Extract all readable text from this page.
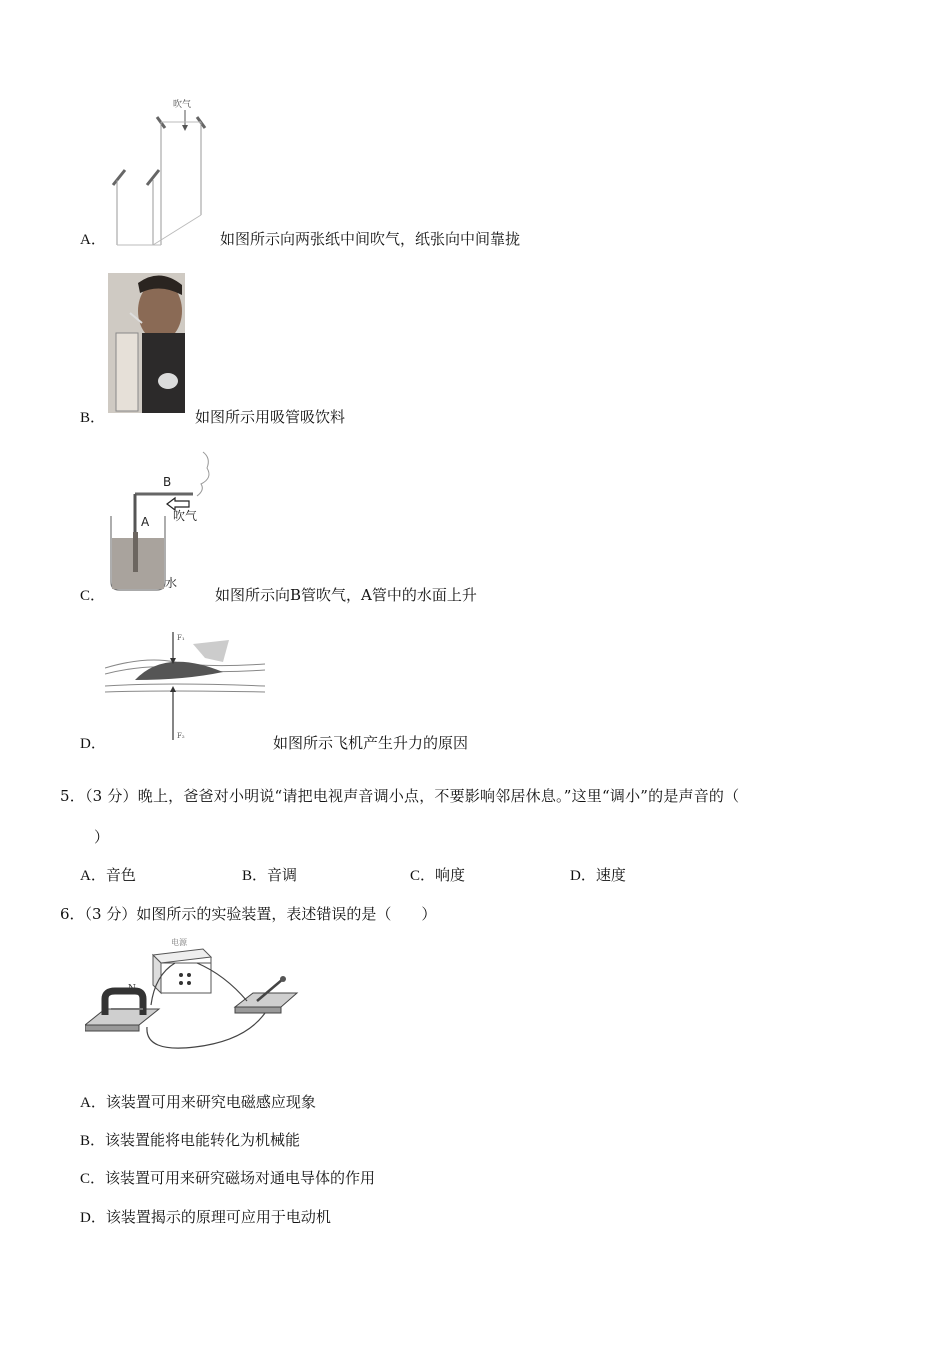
吹气
A．	如图所示向两张纸中间吹气，纸张向中间靠拢
B．	如图所示用吸管吸饮料
B
吹气
A
水
C．	如图所示向B管吹气，A管中的水面上升
F₁
F₂
D．	如图所示飞机产生升力的原因
5．（3 分）晚上，爸爸对小明说“请把电视声音调小点，不要影响邻居休息。”这里“调小”的是声音的（
）
A．音色	B．音调	C．响度	D．速度
6．（3 分）如图所示的实验装置，表述错误的是（　　）
电源
N
A．该装置可用来研究电磁感应现象
B．该装置能将电能转化为机械能
C．该装置可用来研究磁场对通电导体的作用
D．该装置揭示的原理可应用于电动机
